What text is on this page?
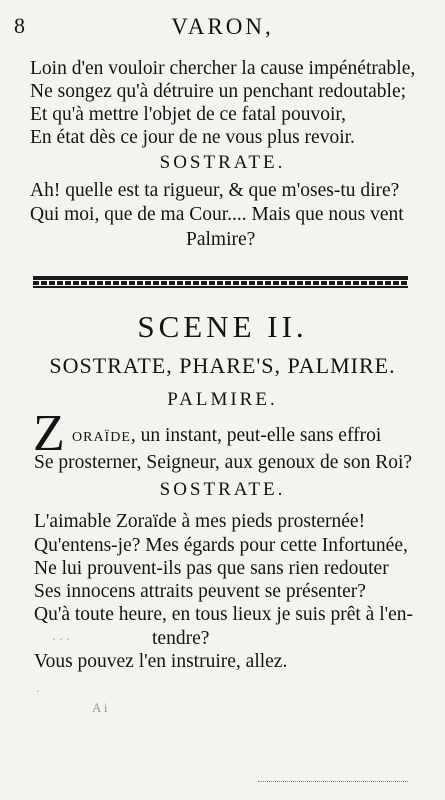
8	VARON,
Loin d'en vouloir chercher la cause impénétrable,
Ne songez qu'à détruire un penchant redoutable;
Et qu'à mettre l'objet de ce fatal pouvoir,
En état dès ce jour de ne vous plus revoir.
SOSTRATE.
Ah! quelle est ta rigueur, & que m'oses-tu dire?
Qui moi, que de ma Cour.... Mais que nous vent
Palmire?
SCENE II.
SOSTRATE, PHARE'S, PALMIRE.
PALMIRE.
Z oraïde, un instant, peut-elle sans effroi
Se prosterner, Seigneur, aux genoux de son Roi?
SOSTRATE.
L'aimable Zoraïde à mes pieds prosternée!
Qu'entens-je? Mes égards pour cette Infortunée,
Ne lui prouvent-ils pas que sans rien redouter
Ses innocens attraits peuvent se présenter?
Qu'à toute heure, en tous lieux je suis prêt à l'en-
tendre?
Vous pouvez l'en instruire, allez.
· · ·
·
A i
